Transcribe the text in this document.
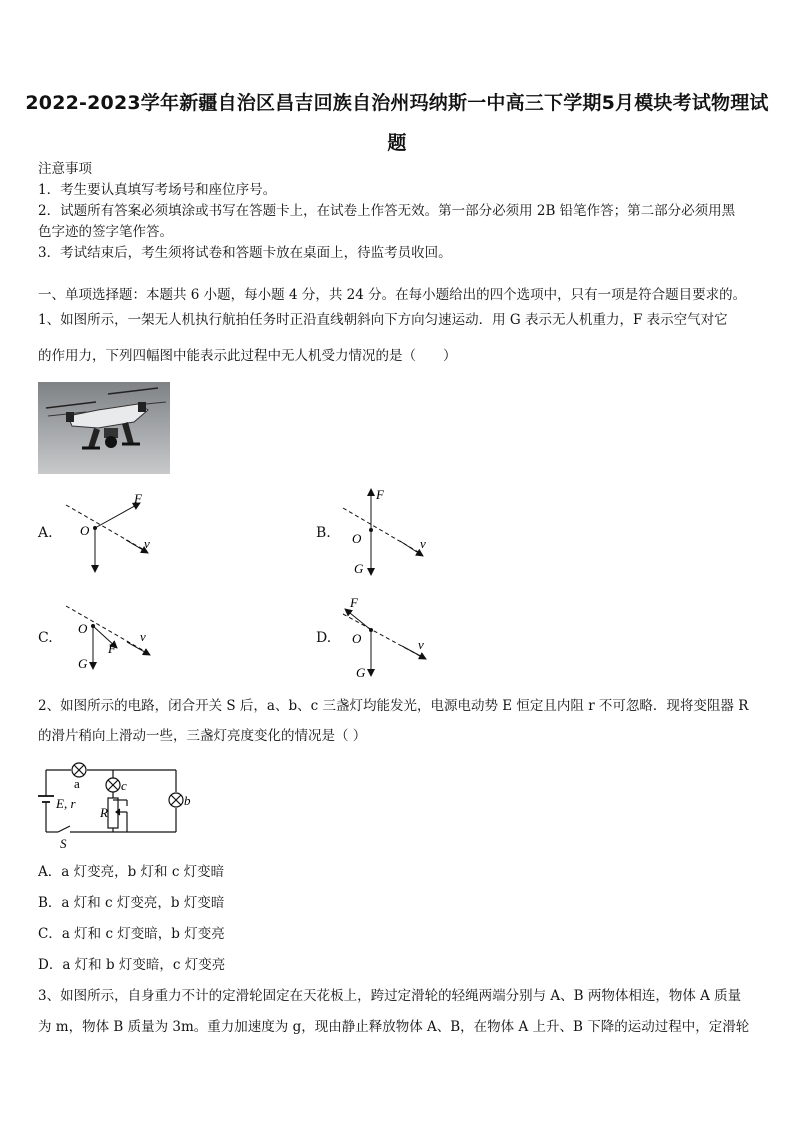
2022-2023学年新疆自治区昌吉回族自治州玛纳斯一中高三下学期5月模块考试物理试
题
注意事项
1．考生要认真填写考场号和座位序号。
2．试题所有答案必须填涂或书写在答题卡上，在试卷上作答无效。第一部分必须用 2B 铅笔作答；第二部分必须用黑
色字迹的签字笔作答。
3．考试结束后，考生须将试卷和答题卡放在桌面上，待监考员收回。
一、单项选择题：本题共 6 小题，每小题 4 分，共 24 分。在每小题给出的四个选项中，只有一项是符合题目要求的。
1、如图所示，一架无人机执行航拍任务时正沿直线朝斜向下方向匀速运动．用 G 表示无人机重力，F 表示空气对它
的作用力，下列四幅图中能表示此过程中无人机受力情况的是（　　）
A.	B.
C.	D.
O
F
v	O
F
v
G
O
F
v
G
O
F
v
G
a	c
b
E, r
R
S
2、如图所示的电路，闭合开关 S 后，a、b、c 三盏灯均能发光，电源电动势 E 恒定且内阻 r 不可忽略．现将变阻器 R
的滑片稍向上滑动一些，三盏灯亮度变化的情况是（ ）
A．a 灯变亮，b 灯和 c 灯变暗
B．a 灯和 c 灯变亮，b 灯变暗
C．a 灯和 c 灯变暗，b 灯变亮
D．a 灯和 b 灯变暗，c 灯变亮
3、如图所示，自身重力不计的定滑轮固定在天花板上，跨过定滑轮的轻绳两端分别与 A、B 两物体相连，物体 A 质量
为 m，物体 B 质量为 3m。重力加速度为 g，现由静止释放物体 A、B，在物体 A 上升、B 下降的运动过程中，定滑轮
